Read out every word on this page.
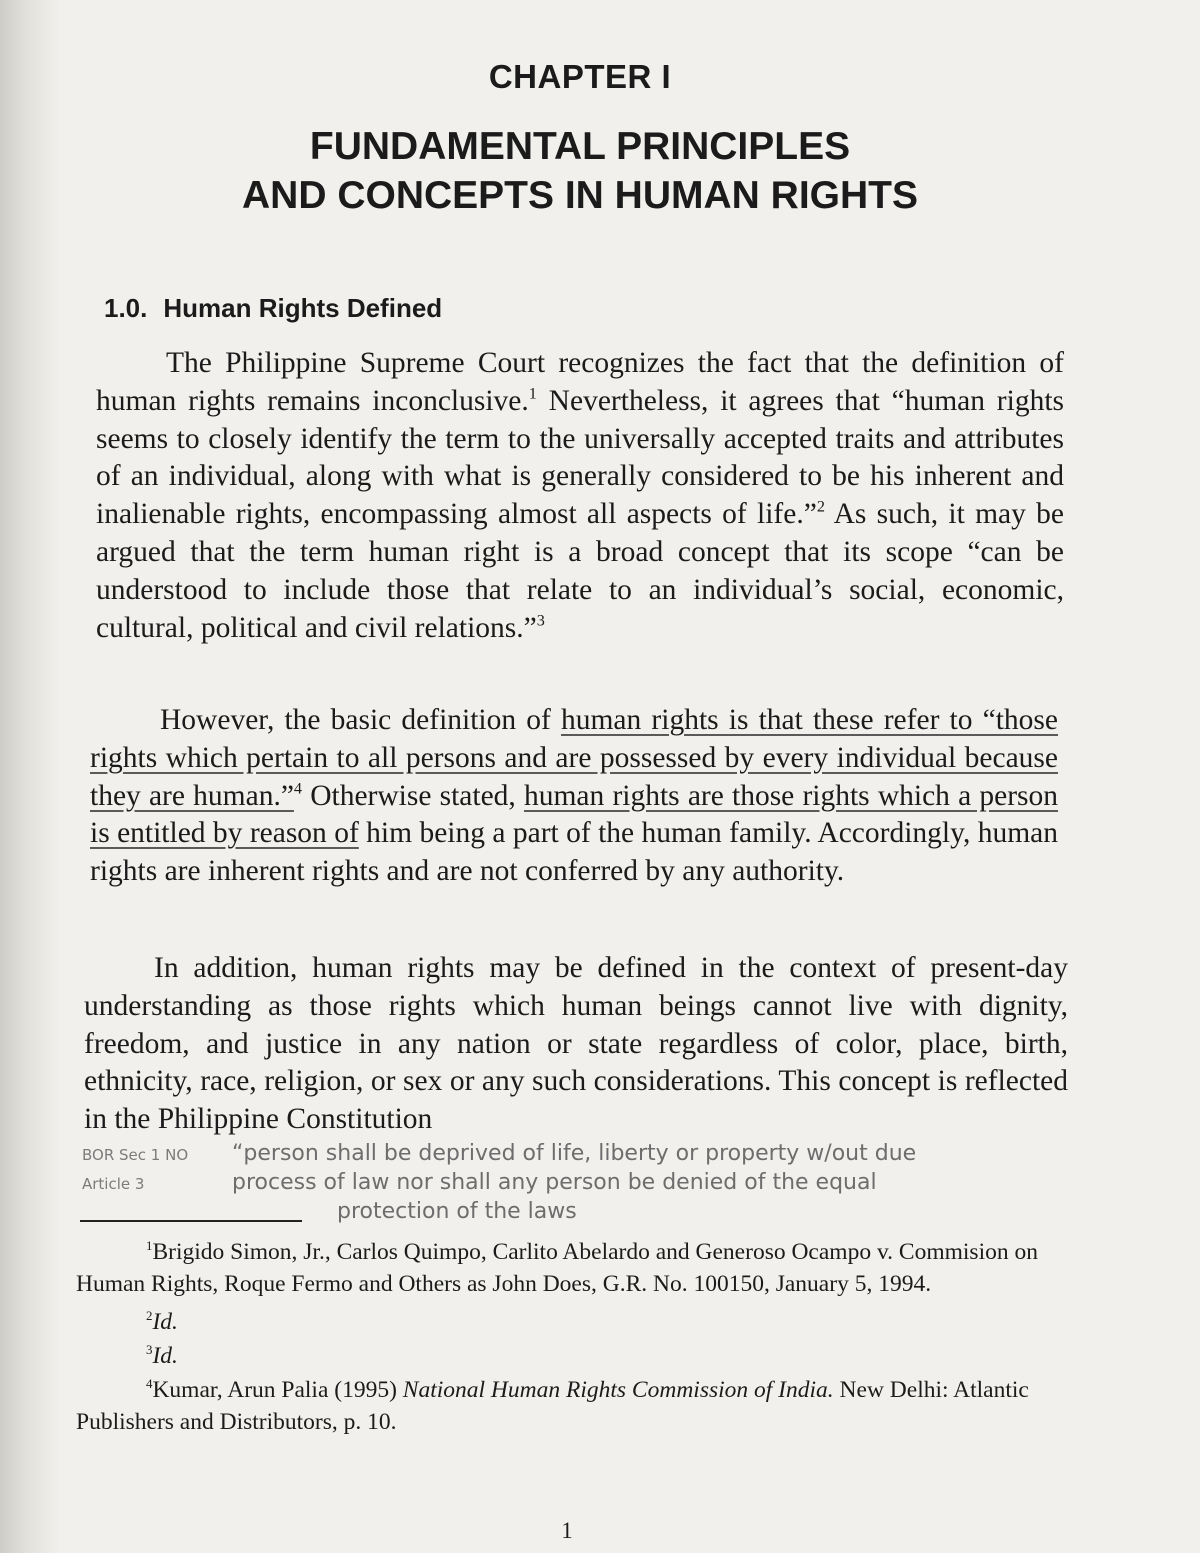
CHAPTER I
FUNDAMENTAL PRINCIPLES
AND CONCEPTS IN HUMAN RIGHTS
1.0. Human Rights Defined

The Philippine Supreme Court recognizes the fact that the definition of human rights remains inconclusive.$^1$ Nevertheless, it agrees that “human rights seems to closely identify the term to the universally accepted traits and attributes of an individual, along with what is generally considered to be his inherent and inalienable rights, encompassing almost all aspects of life.”$^2$ As such, it may be argued that the term human right is a broad concept that its scope “can be understood to include those that relate to an individual’s social, economic, cultural, political and civil relations.”$^3$

However, the basic definition of human rights is that these refer to “those rights which pertain to all persons and are possessed by every individual because they are human.”$^4$ Otherwise stated, human rights are those rights which a person is entitled by reason of him being a part of the human family. Accordingly, human rights are inherent rights and are not conferred by any authority.

In addition, human rights may be defined in the context of present-day understanding as those rights which human beings cannot live with dignity, freedom, and justice in any nation or state regardless of color, place, birth, ethnicity, race, religion, or sex or any such considerations. This concept is reflected in the Philippine Constitution

BOR Sec 1 NO “person shall be deprived of life, liberty or property w/out due
Article 3	process of law nor shall any person be denied of the equal
protection of the laws

$^1$Brigido Simon, Jr., Carlos Quimpo, Carlito Abelardo and Generoso Ocampo v. Commision on Human Rights, Roque Fermo and Others as John Does, G.R. No. 100150, January 5, 1994.

$^2$Id.

$^3$Id.

$^4$Kumar, Arun Palia (1995) National Human Rights Commission of India. New Delhi: Atlantic Publishers and Distributors, p. 10.

1
